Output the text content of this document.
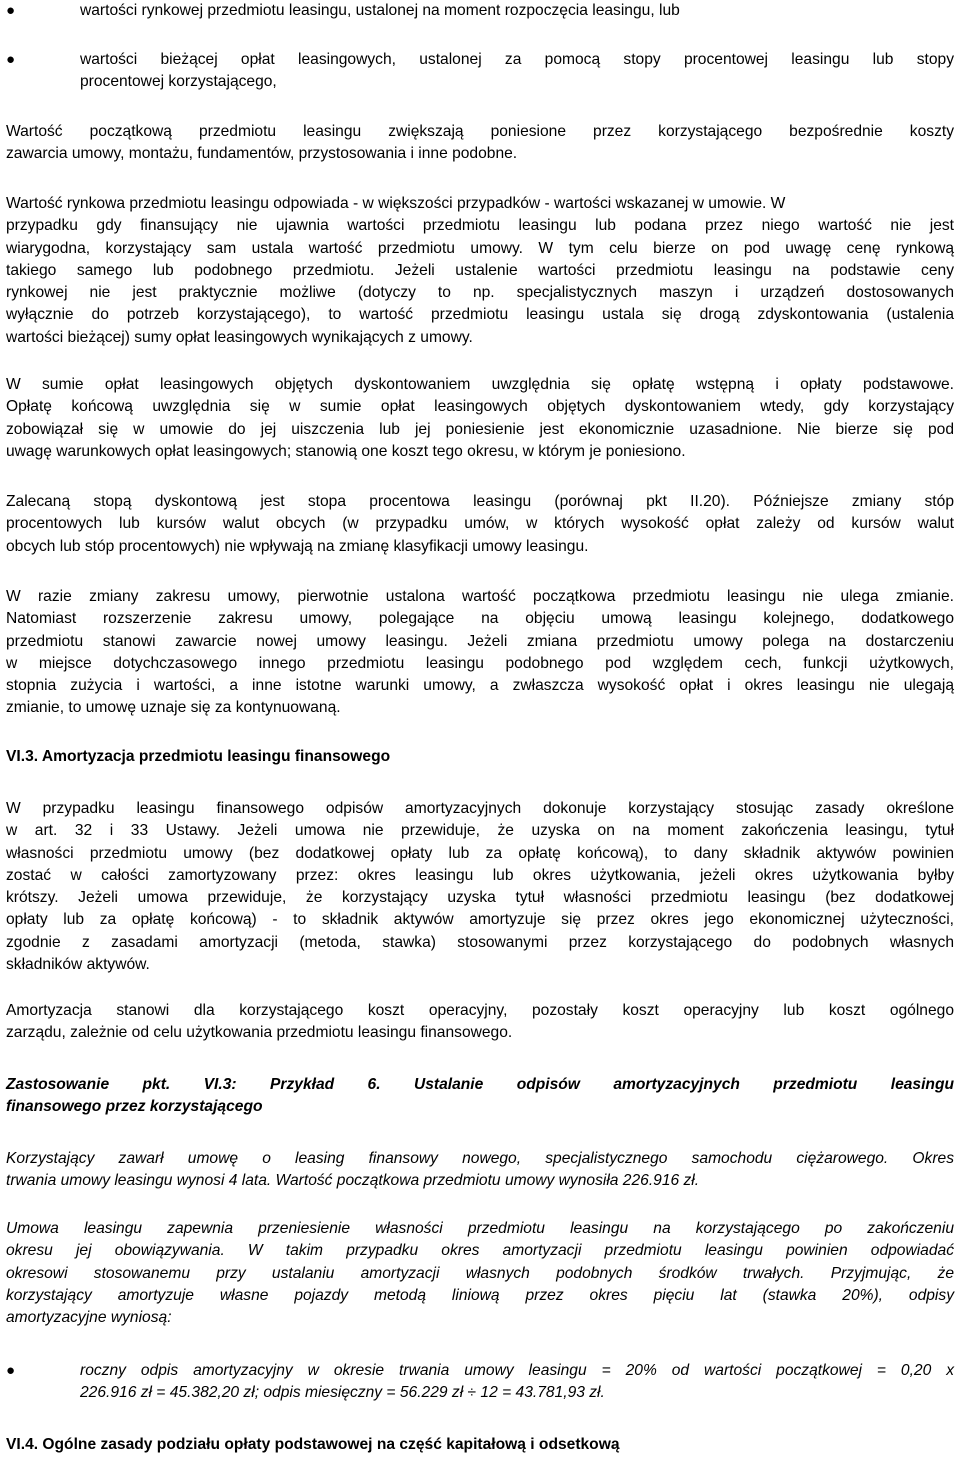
●	wartości rynkowej przedmiotu leasingu, ustalonej na moment rozpoczęcia leasingu, lub
●	wartości bieżącej opłat leasingowych, ustalonej za pomocą stopy procentowej leasingu lub stopy
procentowej korzystającego,
Wartość początkową przedmiotu leasingu zwiększają poniesione przez korzystającego bezpośrednie koszty
zawarcia umowy, montażu, fundamentów, przystosowania i inne podobne.
Wartość rynkowa przedmiotu leasingu odpowiada - w większości przypadków - wartości wskazanej w umowie. W
przypadku gdy finansujący nie ujawnia wartości przedmiotu leasingu lub podana przez niego wartość nie jest
wiarygodna, korzystający sam ustala wartość przedmiotu umowy. W tym celu bierze on pod uwagę cenę rynkową
takiego samego lub podobnego przedmiotu. Jeżeli ustalenie wartości przedmiotu leasingu na podstawie ceny
rynkowej nie jest praktycznie możliwe (dotyczy to np. specjalistycznych maszyn i urządzeń dostosowanych
wyłącznie do potrzeb korzystającego), to wartość przedmiotu leasingu ustala się drogą zdyskontowania (ustalenia
wartości bieżącej) sumy opłat leasingowych wynikających z umowy.
W sumie opłat leasingowych objętych dyskontowaniem uwzględnia się opłatę wstępną i opłaty podstawowe.
Opłatę końcową uwzględnia się w sumie opłat leasingowych objętych dyskontowaniem wtedy, gdy korzystający
zobowiązał się w umowie do jej uiszczenia lub jej poniesienie jest ekonomicznie uzasadnione. Nie bierze się pod
uwagę warunkowych opłat leasingowych; stanowią one koszt tego okresu, w którym je poniesiono.
Zalecaną stopą dyskontową jest stopa procentowa leasingu (porównaj pkt II.20). Późniejsze zmiany stóp
procentowych lub kursów walut obcych (w przypadku umów, w których wysokość opłat zależy od kursów walut
obcych lub stóp procentowych) nie wpływają na zmianę klasyfikacji umowy leasingu.
W razie zmiany zakresu umowy, pierwotnie ustalona wartość początkowa przedmiotu leasingu nie ulega zmianie.
Natomiast rozszerzenie zakresu umowy, polegające na objęciu umową leasingu kolejnego, dodatkowego
przedmiotu stanowi zawarcie nowej umowy leasingu. Jeżeli zmiana przedmiotu umowy polega na dostarczeniu
w miejsce dotychczasowego innego przedmiotu leasingu podobnego pod względem cech, funkcji użytkowych,
stopnia zużycia i wartości, a inne istotne warunki umowy, a zwłaszcza wysokość opłat i okres leasingu nie ulegają
zmianie, to umowę uznaje się za kontynuowaną.
VI.3. Amortyzacja przedmiotu leasingu finansowego
W przypadku leasingu finansowego odpisów amortyzacyjnych dokonuje korzystający stosując zasady określone
w art. 32 i 33 Ustawy. Jeżeli umowa nie przewiduje, że uzyska on na moment zakończenia leasingu, tytuł
własności przedmiotu umowy (bez dodatkowej opłaty lub za opłatę końcową), to dany składnik aktywów powinien
zostać w całości zamortyzowany przez: okres leasingu lub okres użytkowania, jeżeli okres użytkowania byłby
krótszy. Jeżeli umowa przewiduje, że korzystający uzyska tytuł własności przedmiotu leasingu (bez dodatkowej
opłaty lub za opłatę końcową) - to składnik aktywów amortyzuje się przez okres jego ekonomicznej użyteczności,
zgodnie z zasadami amortyzacji (metoda, stawka) stosowanymi przez korzystającego do podobnych własnych
składników aktywów.
Amortyzacja stanowi dla korzystającego koszt operacyjny, pozostały koszt operacyjny lub koszt ogólnego
zarządu, zależnie od celu użytkowania przedmiotu leasingu finansowego.
Zastosowanie pkt. VI.3: Przykład 6. Ustalanie odpisów amortyzacyjnych przedmiotu leasingu
finansowego przez korzystającego
Korzystający zawarł umowę o leasing finansowy nowego, specjalistycznego samochodu ciężarowego. Okres
trwania umowy leasingu wynosi 4 lata. Wartość początkowa przedmiotu umowy wynosiła 226.916 zł.
Umowa leasingu zapewnia przeniesienie własności przedmiotu leasingu na korzystającego po zakończeniu
okresu jej obowiązywania. W takim przypadku okres amortyzacji przedmiotu leasingu powinien odpowiadać
okresowi stosowanemu przy ustalaniu amortyzacji własnych podobnych środków trwałych. Przyjmując, że
korzystający amortyzuje własne pojazdy metodą liniową przez okres pięciu lat (stawka 20%), odpisy
amortyzacyjne wyniosą:
●	roczny odpis amortyzacyjny w okresie trwania umowy leasingu = 20% od wartości początkowej = 0,20 x
226.916 zł = 45.382,20 zł; odpis miesięczny = 56.229 zł ÷ 12 = 43.781,93 zł.
VI.4. Ogólne zasady podziału opłaty podstawowej na część kapitałową i odsetkową
